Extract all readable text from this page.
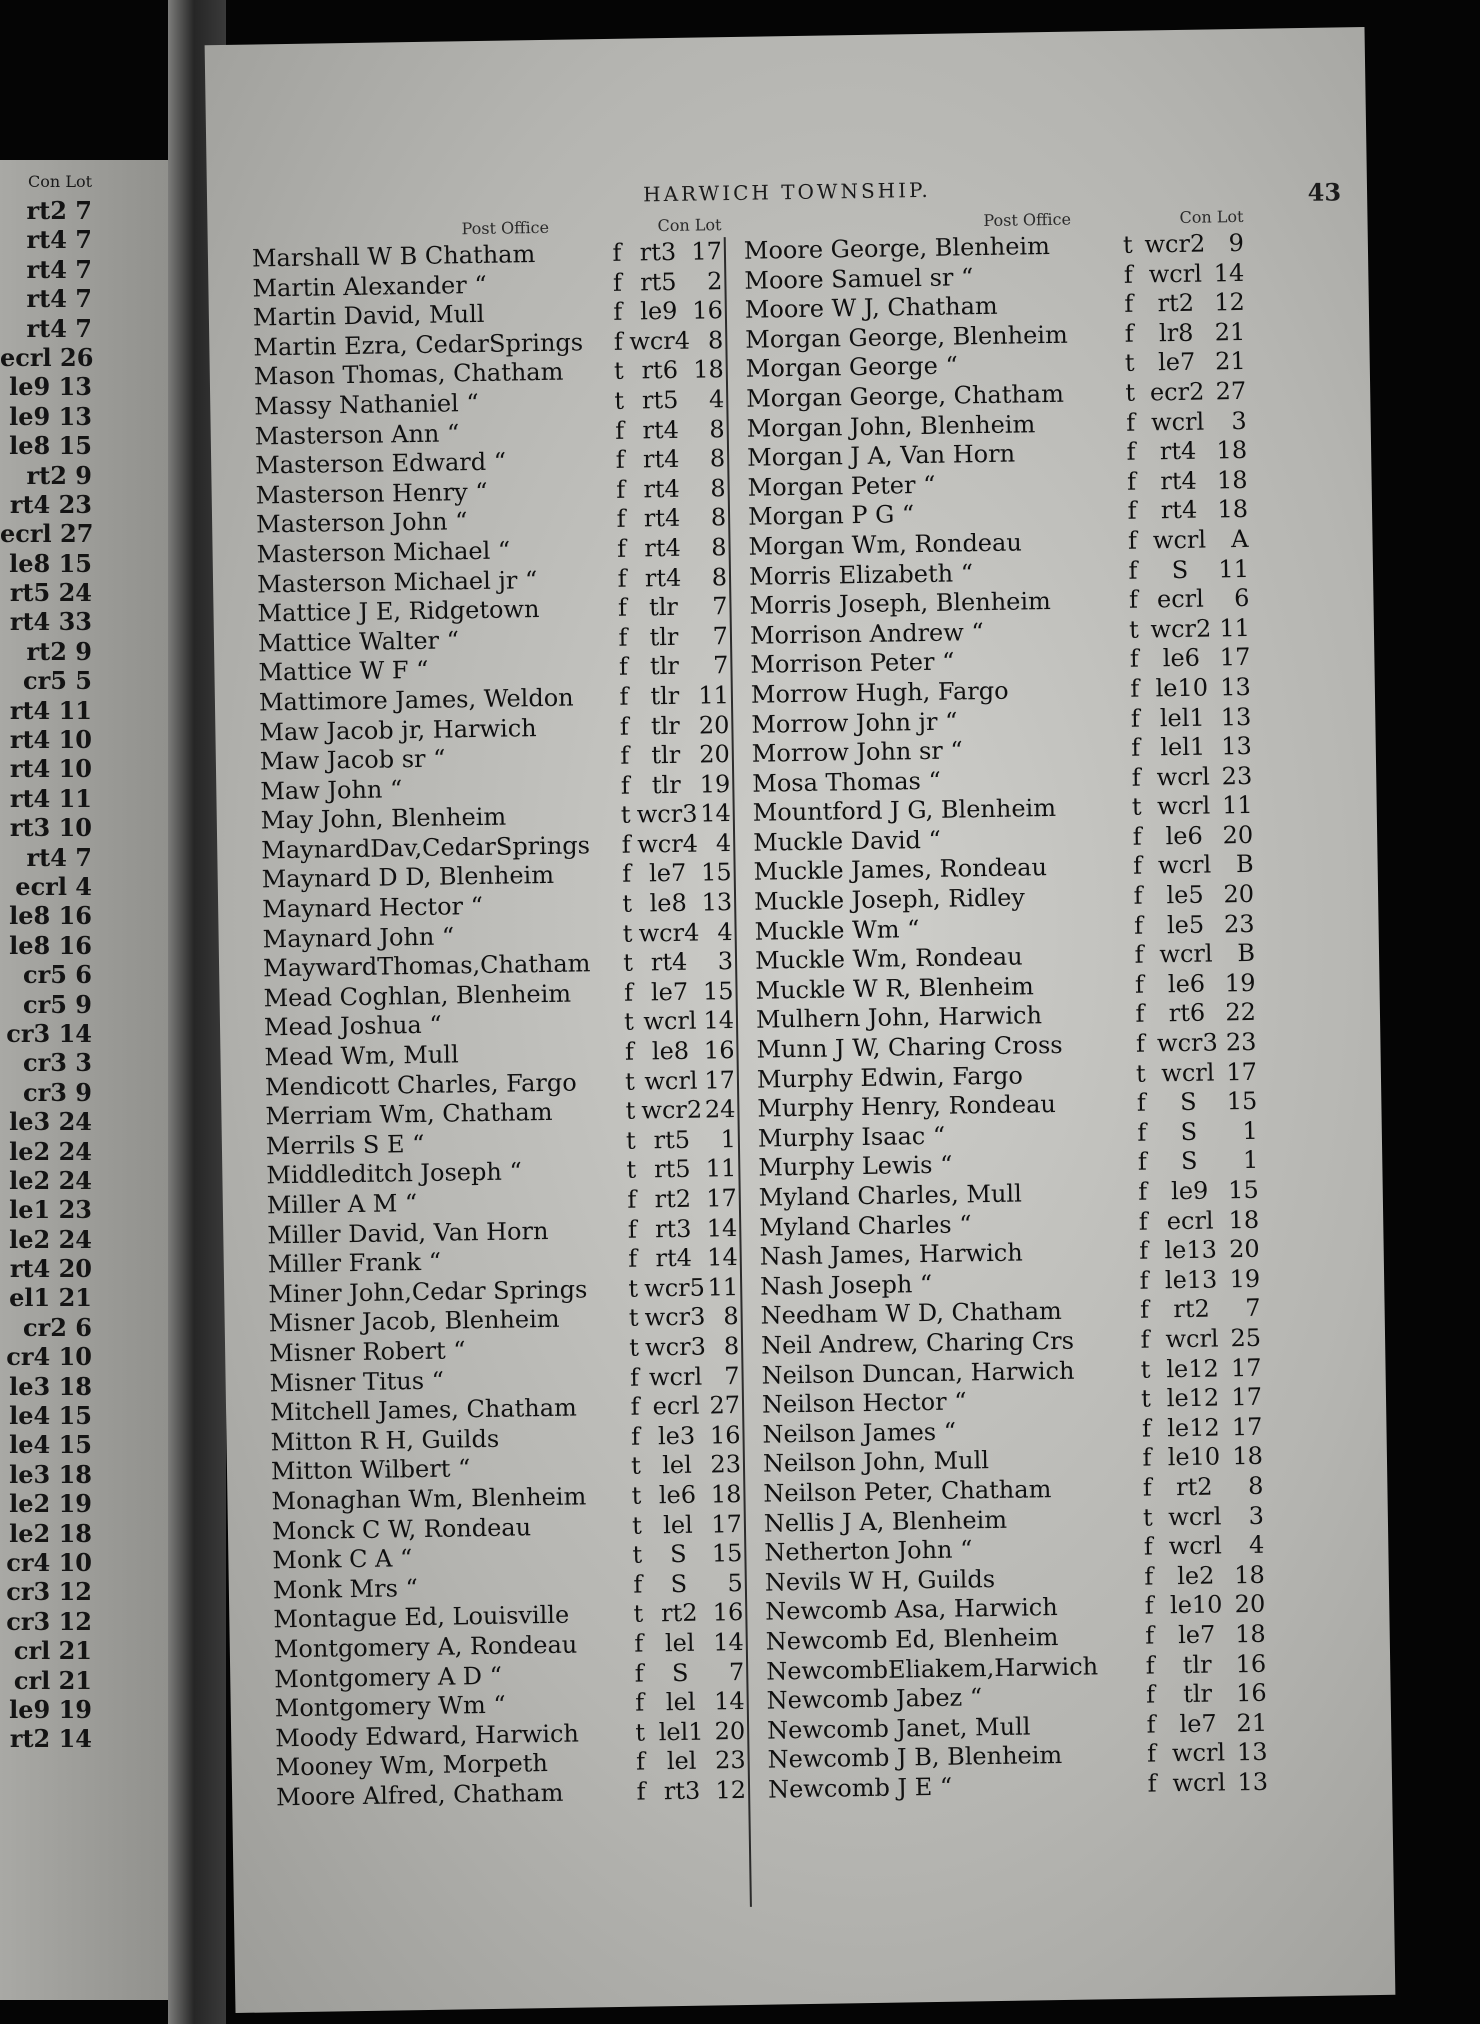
Con Lot
rt2 7
rt4 7
rt4 7
rt4 7
rt4 7
ecrl 26
le9 13
le9 13
le8 15
rt2 9
rt4 23
ecrl 27
le8 15
rt5 24
rt4 33
rt2 9
cr5 5
rt4 11
rt4 10
rt4 10
rt4 11
rt3 10
rt4 7
ecrl 4
le8 16
le8 16
cr5 6
cr5 9
cr3 14
cr3 3
cr3 9
le3 24
le2 24
le2 24
le1 23
le2 24
rt4 20
el1 21
cr2 6
cr4 10
le3 18
le4 15
le4 15
le3 18
le2 19
le2 18
cr4 10
cr3 12
cr3 12
crl 21
crl 21
le9 19
rt2 14
HARWICH TOWNSHIP.	43
Post Office	Con Lot
Marshall W B Chatham	f rt3 17
Martin Alexander “	f rt5	2
Martin David, Mull	f le9 16
Martin Ezra, CedarSprings	f wcr4 8
Mason Thomas, Chatham	t rt6 18
Massy Nathaniel “	t rt5	4
Masterson Ann “	f rt4	8
Masterson Edward “	f rt4	8
Masterson Henry “	f rt4	8
Masterson John “	f rt4	8
Masterson Michael “	f rt4	8
Masterson Michael jr “	f rt4	8
Mattice J E, Ridgetown	f tlr	7
Mattice Walter “	f tlr	7
Mattice W F “	f tlr	7
Mattimore James, Weldon	f tlr 11
Maw Jacob jr, Harwich	f tlr 20
Maw Jacob sr “	f tlr 20
Maw John “	f tlr 19
May John, Blenheim	t wcr3 14
MaynardDav,CedarSprings	f wcr4 4
Maynard D D, Blenheim	f le7 15
Maynard Hector “	t le8 13
Maynard John “	t wcr4 4
MaywardThomas,Chatham	t rt4	3
Mead Coghlan, Blenheim	f le7 15
Mead Joshua “	t wcrl 14
Mead Wm, Mull	f le8 16
Mendicott Charles, Fargo	t wcrl 17
Merriam Wm, Chatham	t wcr2 24
Merrils S E “	t rt5	1
Middleditch Joseph “	t rt5 11
Miller A M “	f rt2 17
Miller David, Van Horn	f rt3 14
Miller Frank “	f rt4 14
Miner John,Cedar Springs	t wcr5 11
Misner Jacob, Blenheim	t wcr3 8
Misner Robert “	t wcr3 8
Misner Titus “	f wcrl 7
Mitchell James, Chatham	f ecrl 27
Mitton R H, Guilds	f le3 16
Mitton Wilbert “	t lel 23
Monaghan Wm, Blenheim	t le6 18
Monck C W, Rondeau	t lel 17
Monk C A “	t	S	15
Monk Mrs “	f	S	5
Montague Ed, Louisville	t rt2 16
Montgomery A, Rondeau	f lel 14
Montgomery A D “	f	S	7
Montgomery Wm “	f lel 14
Moody Edward, Harwich	t lel1 20
Mooney Wm, Morpeth	f lel 23
Moore Alfred, Chatham	f rt3 12
Post Office	Con Lot
Moore George, Blenheim	t wcr2 9
Moore Samuel sr “	f wcrl 14
Moore W J, Chatham	f rt2 12
Morgan George, Blenheim	f	lr8 21
Morgan George “	t le7 21
Morgan George, Chatham	t ecr2 27
Morgan John, Blenheim	f wcrl	3
Morgan J A, Van Horn	f rt4 18
Morgan Peter “	f rt4 18
Morgan P G “	f rt4 18
Morgan Wm, Rondeau	f wcrl	A
Morris Elizabeth “	f	S	11
Morris Joseph, Blenheim	f ecrl	6
Morrison Andrew “	t wcr2 11
Morrison Peter “	f le6 17
Morrow Hugh, Fargo	f le10 13
Morrow John jr “	f lel1 13
Morrow John sr “	f lel1 13
Mosa Thomas “	f wcrl 23
Mountford J G, Blenheim	t wcrl 11
Muckle David “	f le6 20
Muckle James, Rondeau	f wcrl	B
Muckle Joseph, Ridley	f le5 20
Muckle Wm “	f le5 23
Muckle Wm, Rondeau	f wcrl	B
Muckle W R, Blenheim	f le6 19
Mulhern John, Harwich	f rt6 22
Munn J W, Charing Cross	f wcr3 23
Murphy Edwin, Fargo	t wcrl 17
Murphy Henry, Rondeau	f	S	15
Murphy Isaac “	f	S	1
Murphy Lewis “	f	S	1
Myland Charles, Mull	f le9 15
Myland Charles “	f ecrl 18
Nash James, Harwich	f le13 20
Nash Joseph “	f le13 19
Needham W D, Chatham	f rt2	7
Neil Andrew, Charing Crs	f wcrl 25
Neilson Duncan, Harwich	t le12 17
Neilson Hector “	t le12 17
Neilson James “	f le12 17
Neilson John, Mull	f le10 18
Neilson Peter, Chatham	f rt2	8
Nellis J A, Blenheim	t wcrl	3
Netherton John “	f wcrl	4
Nevils W H, Guilds	f le2 18
Newcomb Asa, Harwich	f le10 20
Newcomb Ed, Blenheim	f le7 18
NewcombEliakem,Harwich	f	tlr 16
Newcomb Jabez “	f	tlr 16
Newcomb Janet, Mull	f le7 21
Newcomb J B, Blenheim	f wcrl 13
Newcomb J E “	f wcrl 13
